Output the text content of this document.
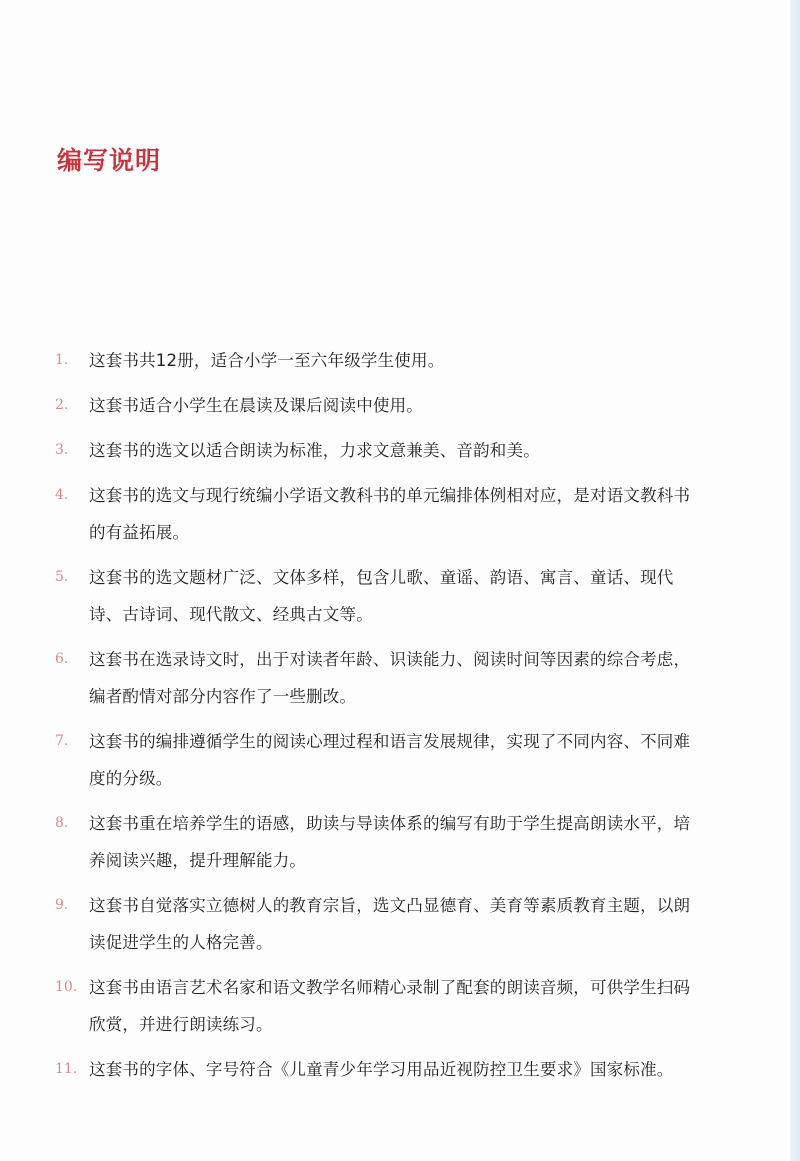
编写说明
1.	这套书共12册，适合小学一至六年级学生使用。
2.	这套书适合小学生在晨读及课后阅读中使用。
3.	这套书的选文以适合朗读为标准，力求文意兼美、音韵和美。
4.	这套书的选文与现行统编小学语文教科书的单元编排体例相对应，是对语文教科书的有益拓展。
5.	这套书的选文题材广泛、文体多样，包含儿歌、童谣、韵语、寓言、童话、现代诗、古诗词、现代散文、经典古文等。
6.	这套书在选录诗文时，出于对读者年龄、识读能力、阅读时间等因素的综合考虑，编者酌情对部分内容作了一些删改。
7.	这套书的编排遵循学生的阅读心理过程和语言发展规律，实现了不同内容、不同难度的分级。
8.	这套书重在培养学生的语感，助读与导读体系的编写有助于学生提高朗读水平，培养阅读兴趣，提升理解能力。
9.	这套书自觉落实立德树人的教育宗旨，选文凸显德育、美育等素质教育主题，以朗读促进学生的人格完善。
10. 这套书由语言艺术名家和语文教学名师精心录制了配套的朗读音频，可供学生扫码欣赏，并进行朗读练习。
11. 这套书的字体、字号符合《儿童青少年学习用品近视防控卫生要求》国家标准。
